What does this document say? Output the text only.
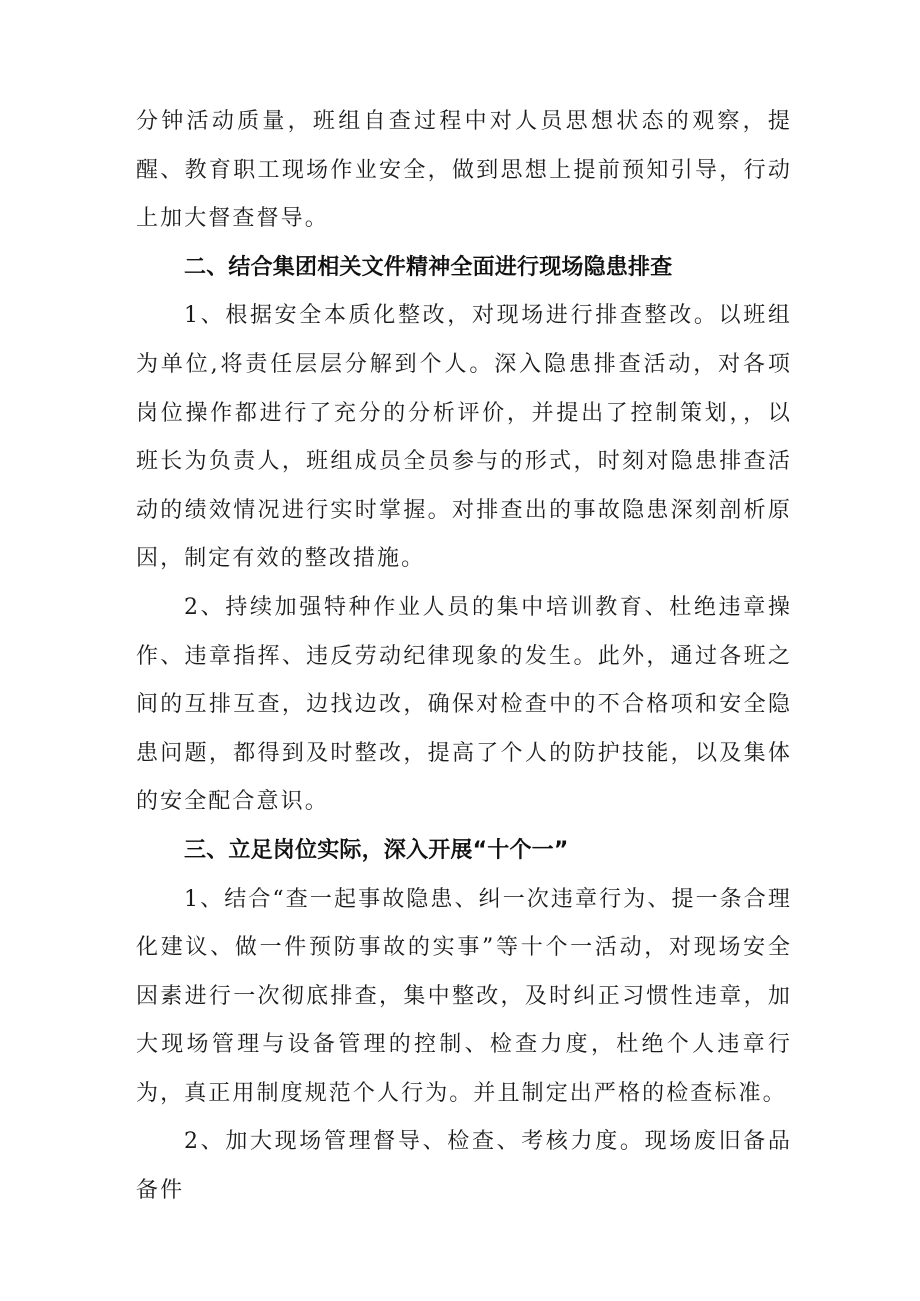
分钟活动质量，班组自查过程中对人员思想状态的观察，提醒、教育职工现场作业安全，做到思想上提前预知引导，行动上加大督查督导。

二、结合集团相关文件精神全面进行现场隐患排查

1、根据安全本质化整改，对现场进行排查整改。以班组为单位,将责任层层分解到个人。深入隐患排查活动，对各项岗位操作都进行了充分的分析评价，并提出了控制策划，，以班长为负责人，班组成员全员参与的形式，时刻对隐患排查活动的绩效情况进行实时掌握。对排查出的事故隐患深刻剖析原因，制定有效的整改措施。

2、持续加强特种作业人员的集中培训教育、杜绝违章操作、违章指挥、违反劳动纪律现象的发生。此外，通过各班之间的互排互查，边找边改，确保对检查中的不合格项和安全隐患问题，都得到及时整改，提高了个人的防护技能，以及集体的安全配合意识。

三、立足岗位实际，深入开展“十个一”

1、结合“查一起事故隐患、纠一次违章行为、提一条合理化建议、做一件预防事故的实事”等十个一活动，对现场安全因素进行一次彻底排查，集中整改，及时纠正习惯性违章，加大现场管理与设备管理的控制、检查力度，杜绝个人违章行为，真正用制度规范个人行为。并且制定出严格的检查标准。

2、加大现场管理督导、检查、考核力度。现场废旧备品备件
